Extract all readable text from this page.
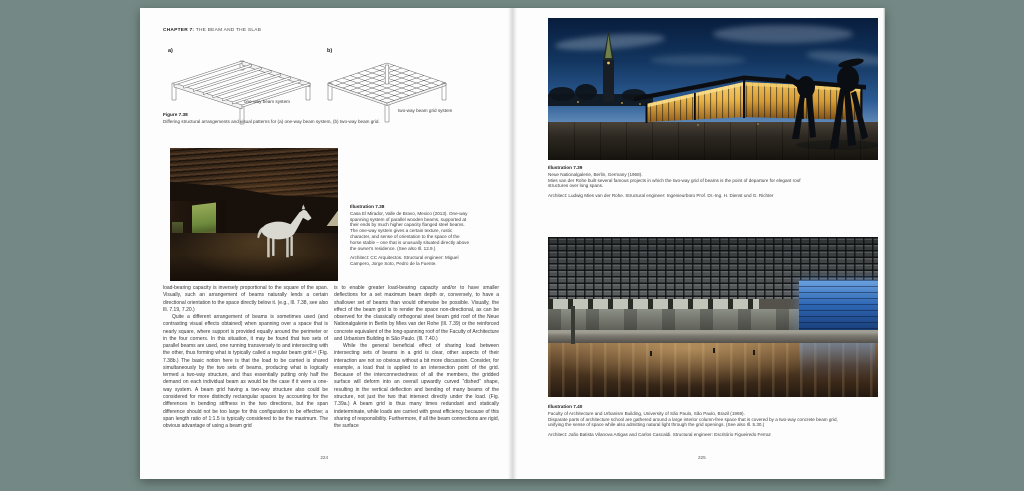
CHAPTER 7: THE BEAM AND THE SLAB
a)	b)
one-way beam system
two-way beam grid system
Figure 7.38
Differing structural arrangements and visual patterns for (a) one-way beam system, (b) two-way beam grid.
Illustration 7.38
Casa El Mirador, Valle de Bravo, Mexico (2013). One-way spanning system of parallel wooden beams, supported at their ends by much higher capacity flanged steel beams. The one-way system gives a certain texture, rustic character, and sense of orientation to the space of the horse stable – one that is unusually situated directly above the owner's residence. (See also Ill. 12.9.)
Architect: CC Arquitectos. Structural engineer: Miguel Campero, Jorge Soto, Pedro de la Fuente.

load-bearing capacity is inversely proportional to the square of the span. Visually, such an arrangement of beams naturally lends a certain directional orientation to the space directly below it. (e.g., Ill. 7.38, see also Ill. 7.19, 7.20.)

Quite a different arrangement of beams is sometimes used (and contrasting visual effects obtained) when spanning over a space that is nearly square, where support is provided equally around the perimeter or in the four corners. In this situation, it may be found that two sets of parallel beams are used, one running transversely to and intersecting with the other, thus forming what is typically called a regular beam grid.¹² (Fig. 7.38b.) The basic notion here is that the load to be carried is shared simultaneously by the two sets of beams, producing what is logically termed a two-way structure, and thus essentially putting only half the demand on each individual beam as would be the case if it were a one-way system. A beam grid having a two-way structure also could be considered for more distinctly rectangular spaces by accounting for the differences in bending stiffness in the two directions, but the span difference should not be too large for this configuration to be effective; a span length ratio of 1:1.5 is typically considered to be the maximum. The obvious advantage of using a beam grid

is to enable greater load-bearing capacity and/or to have smaller deflections for a set maximum beam depth or, conversely, to have a shallower set of beams than would otherwise be possible. Visually, the effect of the beam grid is to render the space non-directional, as can be observed for the classically orthogonal steel beam grid roof of the Neue Nationalgalerie in Berlin by Mies van der Rohe (Ill. 7.39) or the reinforced concrete equivalent of the long-spanning roof of the Faculty of Architecture and Urbanism Building in São Paulo. (Ill. 7.40.)

While the general beneficial effect of sharing load between intersecting sets of beams in a grid is clear, other aspects of their interaction are not so obvious without a bit more discussion. Consider, for example, a load that is applied to an intersection point of the grid. Because of the interconnectedness of all the members, the gridded surface will deform into an overall upwardly curved “dished” shape, resulting in the vertical deflection and bending of many beams of the structure, not just the two that intersect directly under the load. (Fig. 7.39a.) A beam grid is thus many times redundant and statically indeterminate, while loads are carried with great efficiency because of this sharing of responsibility. Furthermore, if all the beam connections are rigid, the surface

224
Illustration 7.39
Neue Nationalgalerie, Berlin, Germany (1968).
Mies van der Rohe built several famous projects in which the two-way grid of beams is the point of departure for elegant roof structures over long spans.
Architect: Ludwig Mies van der Rohe. Structural engineer: Ingenieurbüro Prof. Dr.-Ing. H. Dienst und G. Richter
Illustration 7.40
Faculty of Architecture and Urbanism Building, University of São Paulo, São Paulo, Brazil (1969).
Disparate parts of architecture school are gathered around a large interior column-free space that is covered by a two-way concrete beam grid, unifying the sense of space while also admitting natural light through the grid openings. (See also Ill. 5.30.)
Architect: João Batista Vilanova Artigas and Carlos Cascaldi. Structural engineer: Escritório Figueiredo Ferraz
225
